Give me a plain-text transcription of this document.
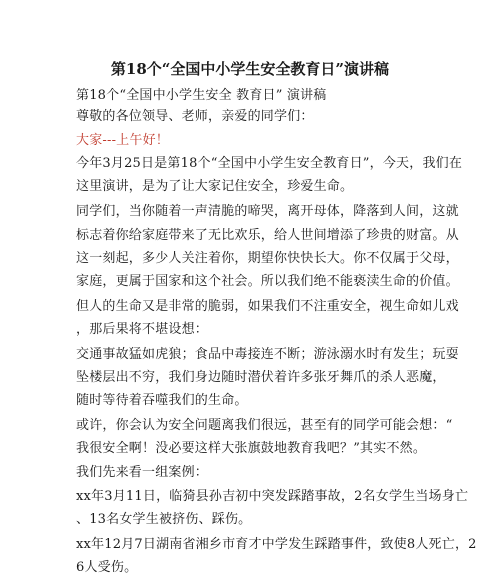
第18个“全国中小学生安全教育日”演讲稿
第18个“全国中小学生安全 教育日” 演讲稿
尊敬的各位领导、老师，亲爱的同学们：
大家---上午好！
今年3月25日是第18个“全国中小学生安全教育日”，今天，我们在
这里演讲，是为了让大家记住安全，珍爱生命。
同学们，当你随着一声清脆的啼哭，离开母体，降落到人间，这就
标志着你给家庭带来了无比欢乐，给人世间增添了珍贵的财富。从
这一刻起，多少人关注着你，期望你快快长大。你不仅属于父母，
家庭，更属于国家和这个社会。所以我们绝不能亵渎生命的价值。
但人的生命又是非常的脆弱，如果我们不注重安全，视生命如儿戏
，那后果将不堪设想：
交通事故猛如虎狼；食品中毒接连不断；游泳溺水时有发生；玩耍
坠楼层出不穷，我们身边随时潜伏着许多张牙舞爪的杀人恶魔，
随时等待着吞噬我们的生命。
或许，你会认为安全问题离我们很远，甚至有的同学可能会想：“
我很安全啊！没必要这样大张旗鼓地教育我吧？”其实不然。
我们先来看一组案例：
xx年3月11日，临猗县孙吉初中突发踩踏事故，2名女学生当场身亡
、13名女学生被挤伤、踩伤。
xx年12月7日湖南省湘乡市育才中学发生踩踏事件，致使8人死亡，2
6人受伤。
